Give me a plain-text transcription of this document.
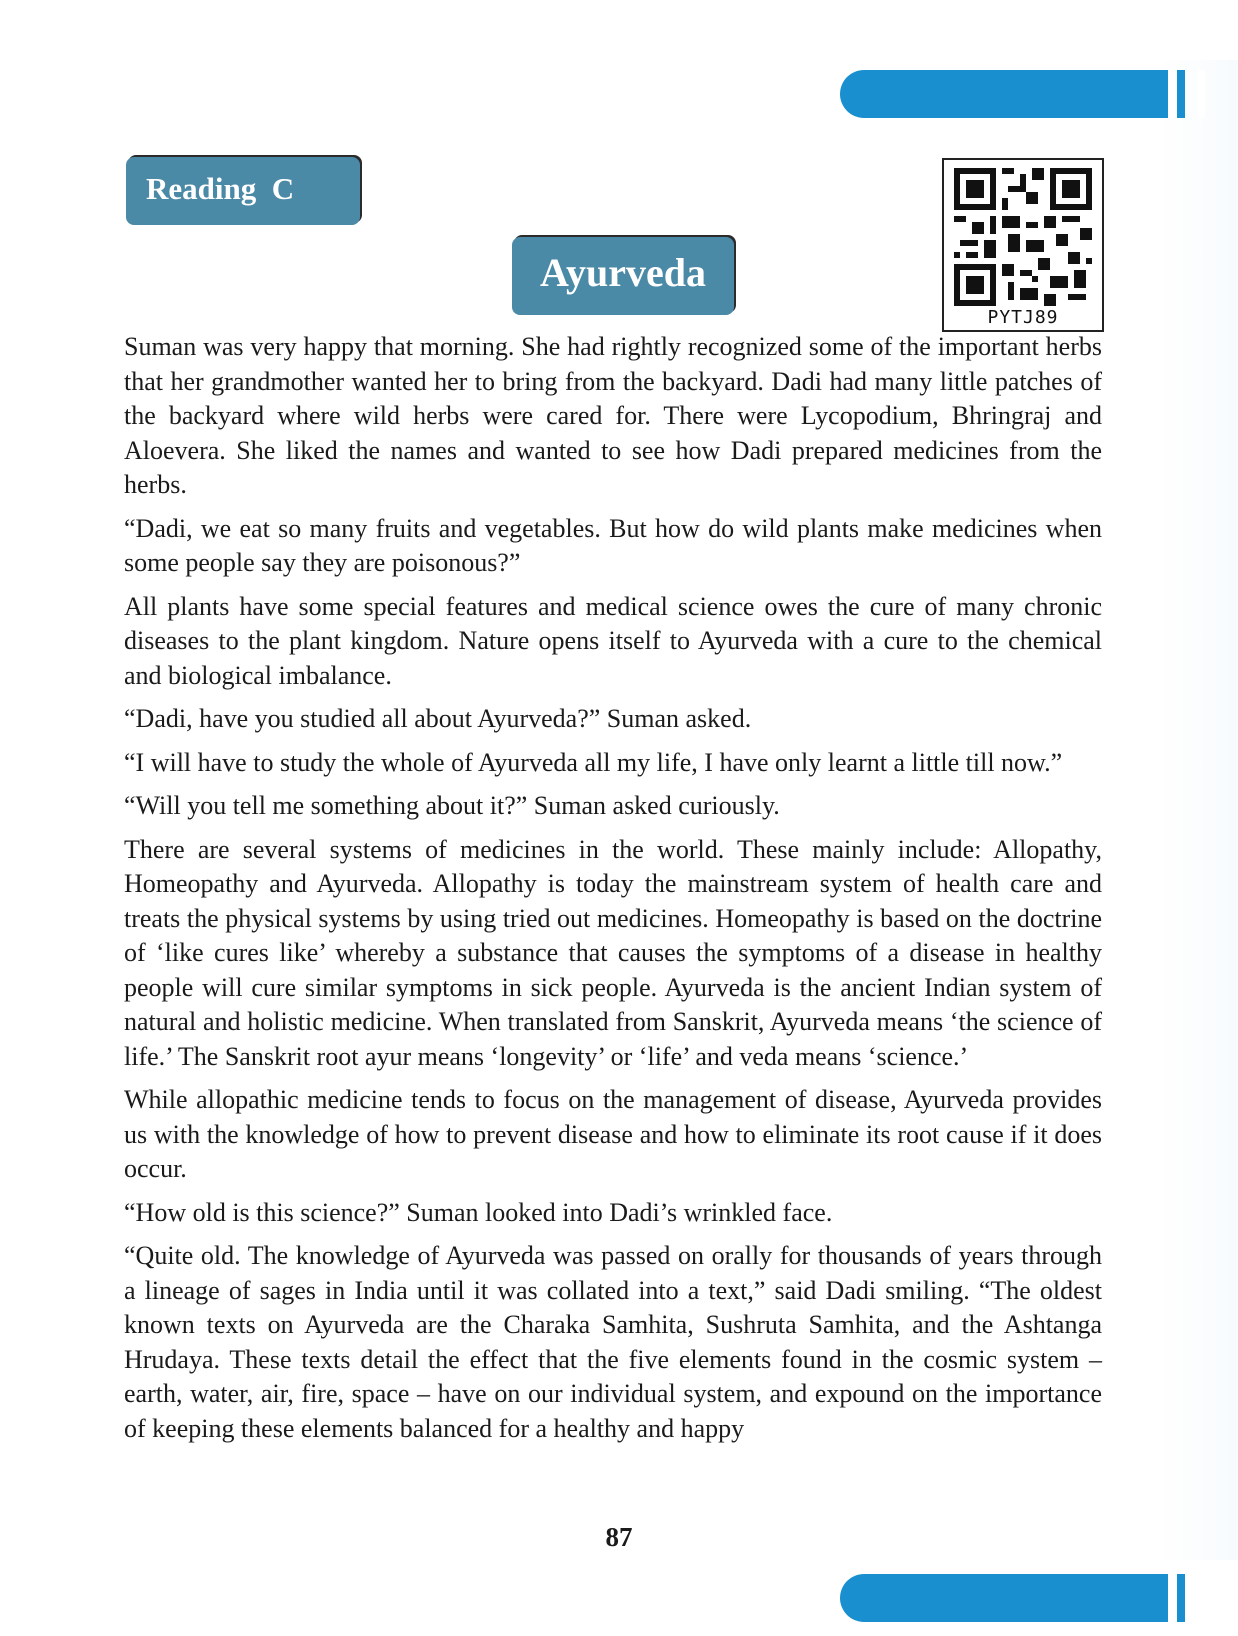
Reading  C
Ayurveda
PYTJ89

Suman was very happy that morning. She had rightly recognized some of the important herbs that her grandmother wanted her to bring from the backyard. Dadi had many little patches of the backyard where wild herbs were cared for. There were Lycopodium, Bhringraj and Aloevera. She liked the names and wanted to see how Dadi prepared medicines from the herbs.

“Dadi, we eat so many fruits and vegetables. But how do wild plants make medicines when some people say they are poisonous?”

All plants have some special features and medical science owes the cure of many chronic diseases to the plant kingdom. Nature opens itself to Ayurveda with a cure to the chemical and biological imbalance.

“Dadi, have you studied all about Ayurveda?” Suman asked.

“I will have to study the whole of Ayurveda all my life, I have only learnt a little till now.”

“Will you tell me something about it?” Suman asked curiously.

There are several systems of medicines in the world. These mainly include: Allopathy, Homeopathy and Ayurveda. Allopathy is today the mainstream system of health care and treats the physical systems by using tried out medicines. Homeopathy is based on the doctrine of ‘like cures like’ whereby a substance that causes the symptoms of a disease in healthy people will cure similar symptoms in sick people. Ayurveda is the ancient Indian system of natural and holistic medicine. When translated from Sanskrit, Ayurveda means ‘the science of life.’ The Sanskrit root ayur means ‘longevity’ or ‘life’ and veda means ‘science.’

While allopathic medicine tends to focus on the management of disease, Ayurveda provides us with the knowledge of how to prevent disease and how to eliminate its root cause if it does occur.

“How old is this science?” Suman looked into Dadi’s wrinkled face.

“Quite old. The knowledge of Ayurveda was passed on orally for thousands of years through a lineage of sages in India until it was collated into a text,” said Dadi smiling. “The oldest known texts on Ayurveda are the Charaka Samhita, Sushruta Samhita, and the Ashtanga Hrudaya. These texts detail the effect that the five elements found in the cosmic system – earth, water, air, fire, space – have on our individual system, and expound on the importance of keeping these elements balanced for a healthy and happy

87
